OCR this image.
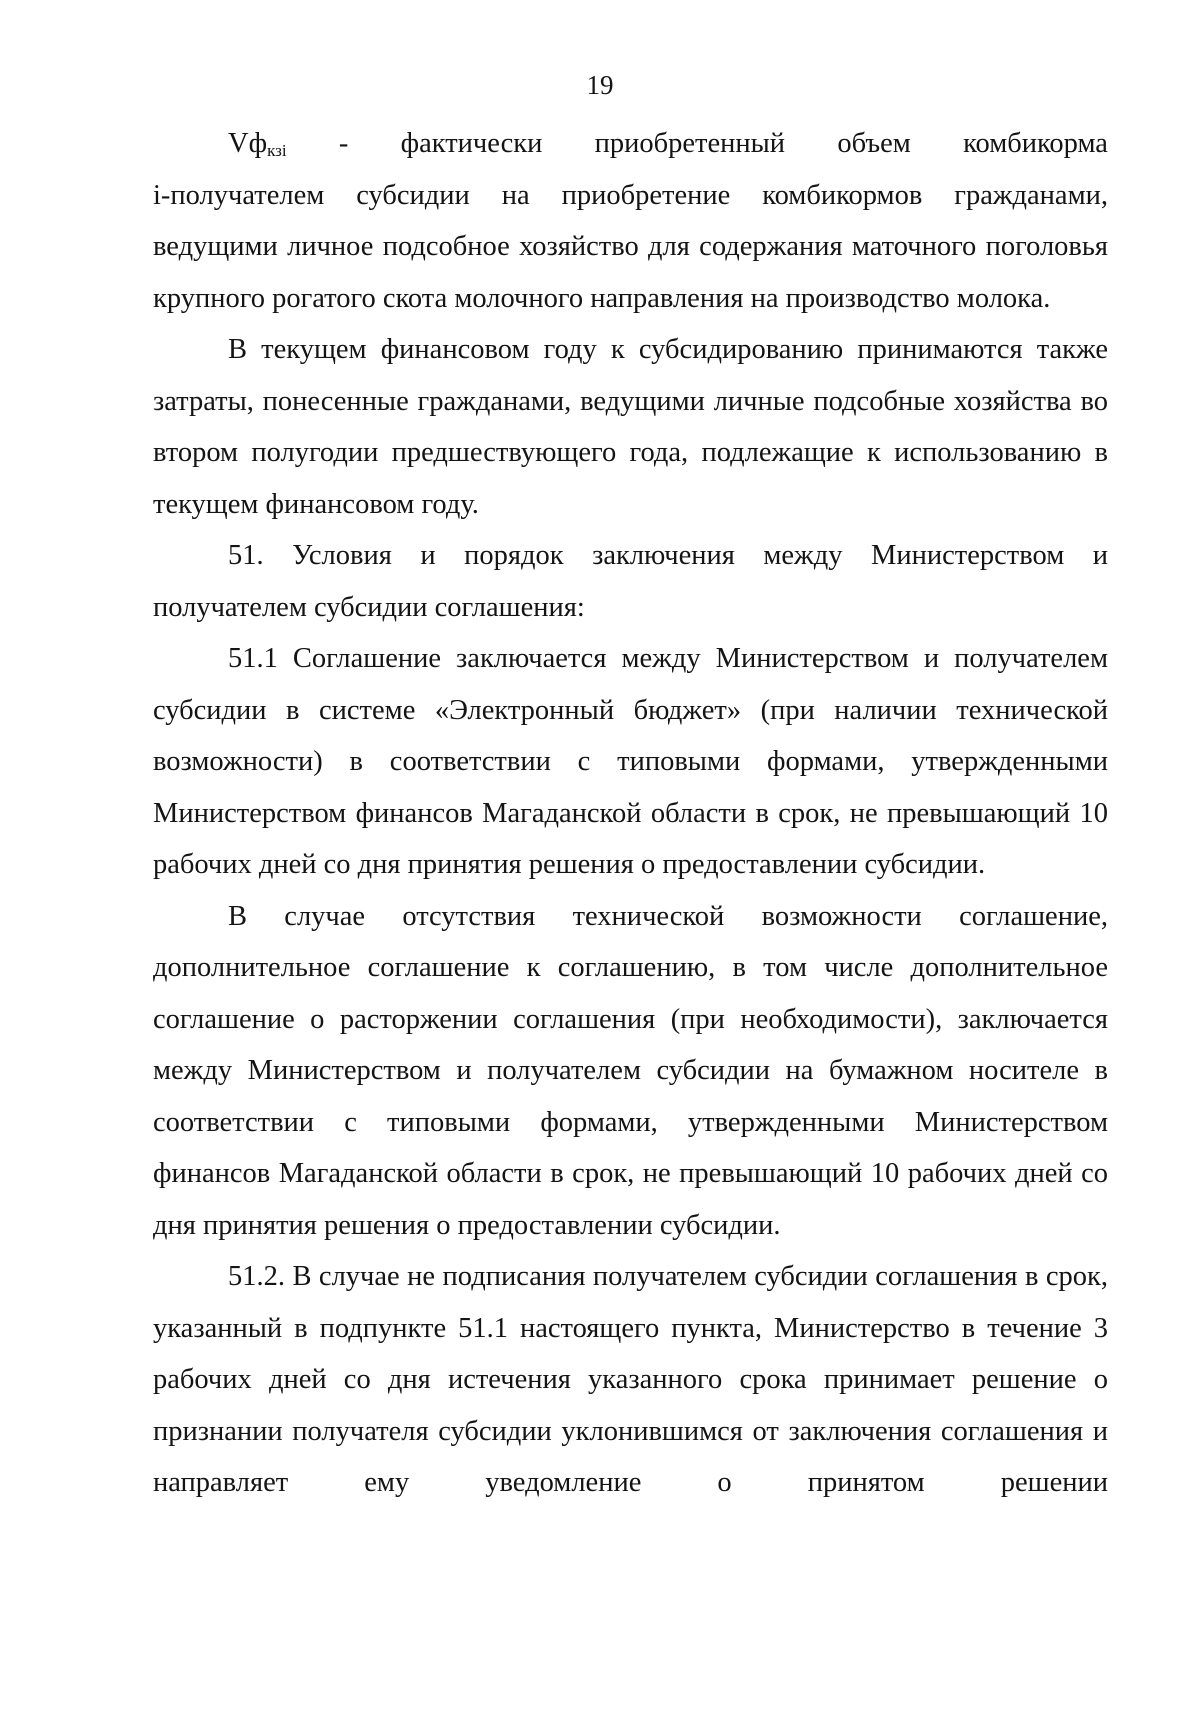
19
$Vф_{кзi}$ - фактически приобретенный объем комбикорма

i-получателем субсидии на приобретение комбикормов гражданами, ведущими личное подсобное хозяйство для содержания маточного поголовья крупного рогатого скота молочного направления на производство молока.

В текущем финансовом году к субсидированию принимаются также затраты, понесенные гражданами, ведущими личные подсобные хозяйства во втором полугодии предшествующего года, подлежащие к использованию в текущем финансовом году.

51. Условия и порядок заключения между Министерством и получателем субсидии соглашения:

51.1 Соглашение заключается между Министерством и получателем субсидии в системе «Электронный бюджет» (при наличии технической возможности) в соответствии с типовыми формами, утвержденными Министерством финансов Магаданской области в срок, не превышающий 10 рабочих дней со дня принятия решения о предоставлении субсидии.

В случае отсутствия технической возможности соглашение, дополнительное соглашение к соглашению, в том числе дополнительное соглашение о расторжении соглашения (при необходимости), заключается между Министерством и получателем субсидии на бумажном носителе в соответствии с типовыми формами, утвержденными Министерством финансов Магаданской области в срок, не превышающий 10 рабочих дней со дня принятия решения о предоставлении субсидии.

51.2. В случае не подписания получателем субсидии соглашения в срок, указанный в подпункте 51.1 настоящего пункта, Министерство в течение 3 рабочих дней со дня истечения указанного срока принимает решение о признании получателя субсидии уклонившимся от заключения соглашения и направляет ему уведомление о принятом решении
